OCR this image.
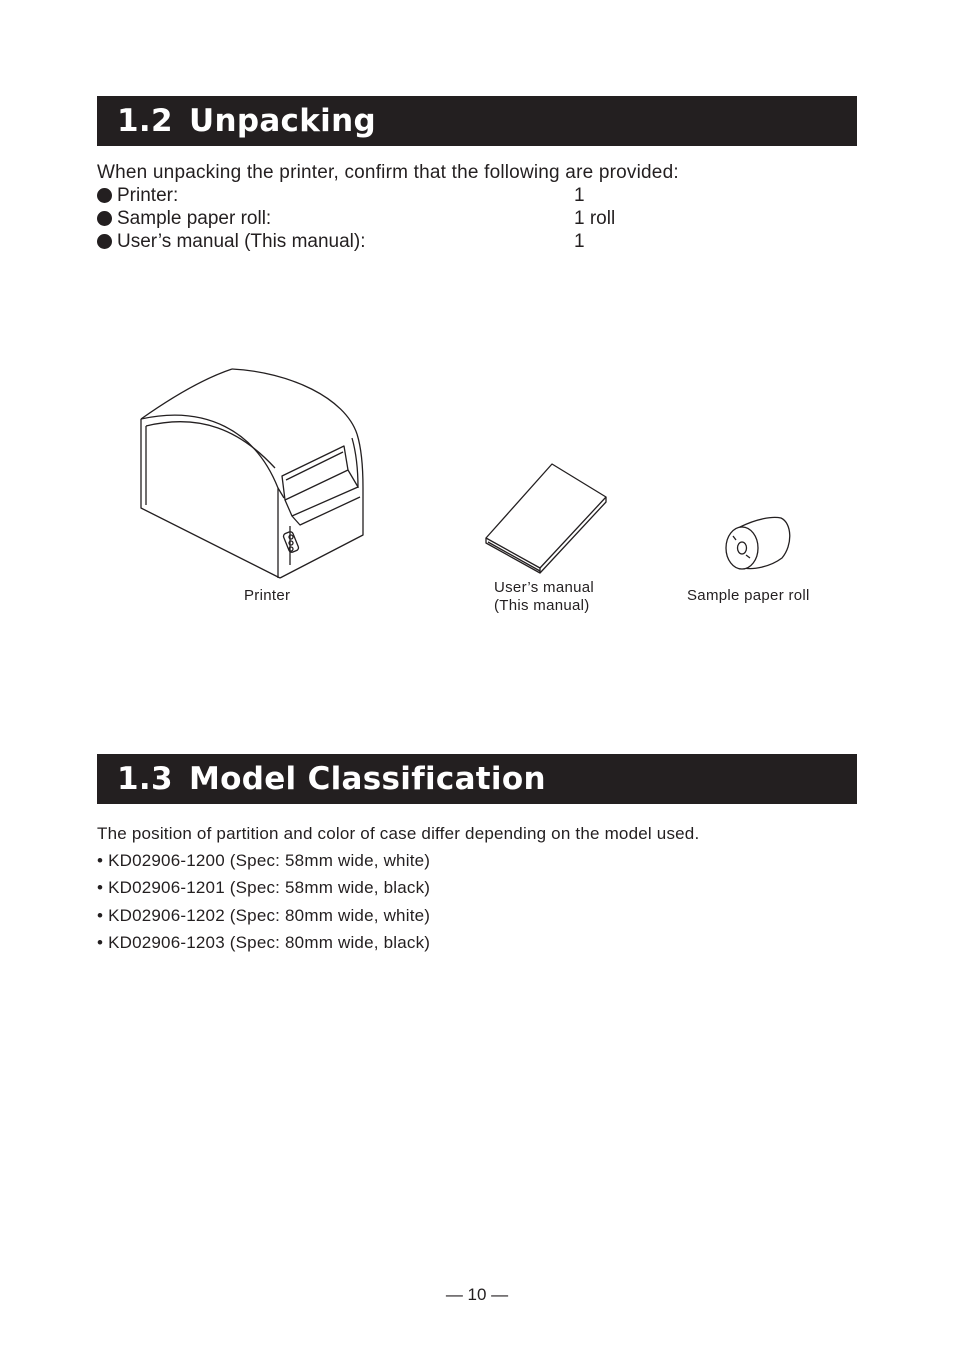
1.2 Unpacking
When unpacking the printer, confirm that the following are provided:
Printer:	1
Sample paper roll:	1 roll
User’s manual (This manual):	1
Printer	User’s manual
(This manual)
Sample paper roll
1.3 Model Classification
The position of partition and color of case differ depending on the model used.
• KD02906-1200 (Spec: 58mm wide, white)
• KD02906-1201 (Spec: 58mm wide, black)
• KD02906-1202 (Spec: 80mm wide, white)
• KD02906-1203 (Spec: 80mm wide, black)
— 10 —
